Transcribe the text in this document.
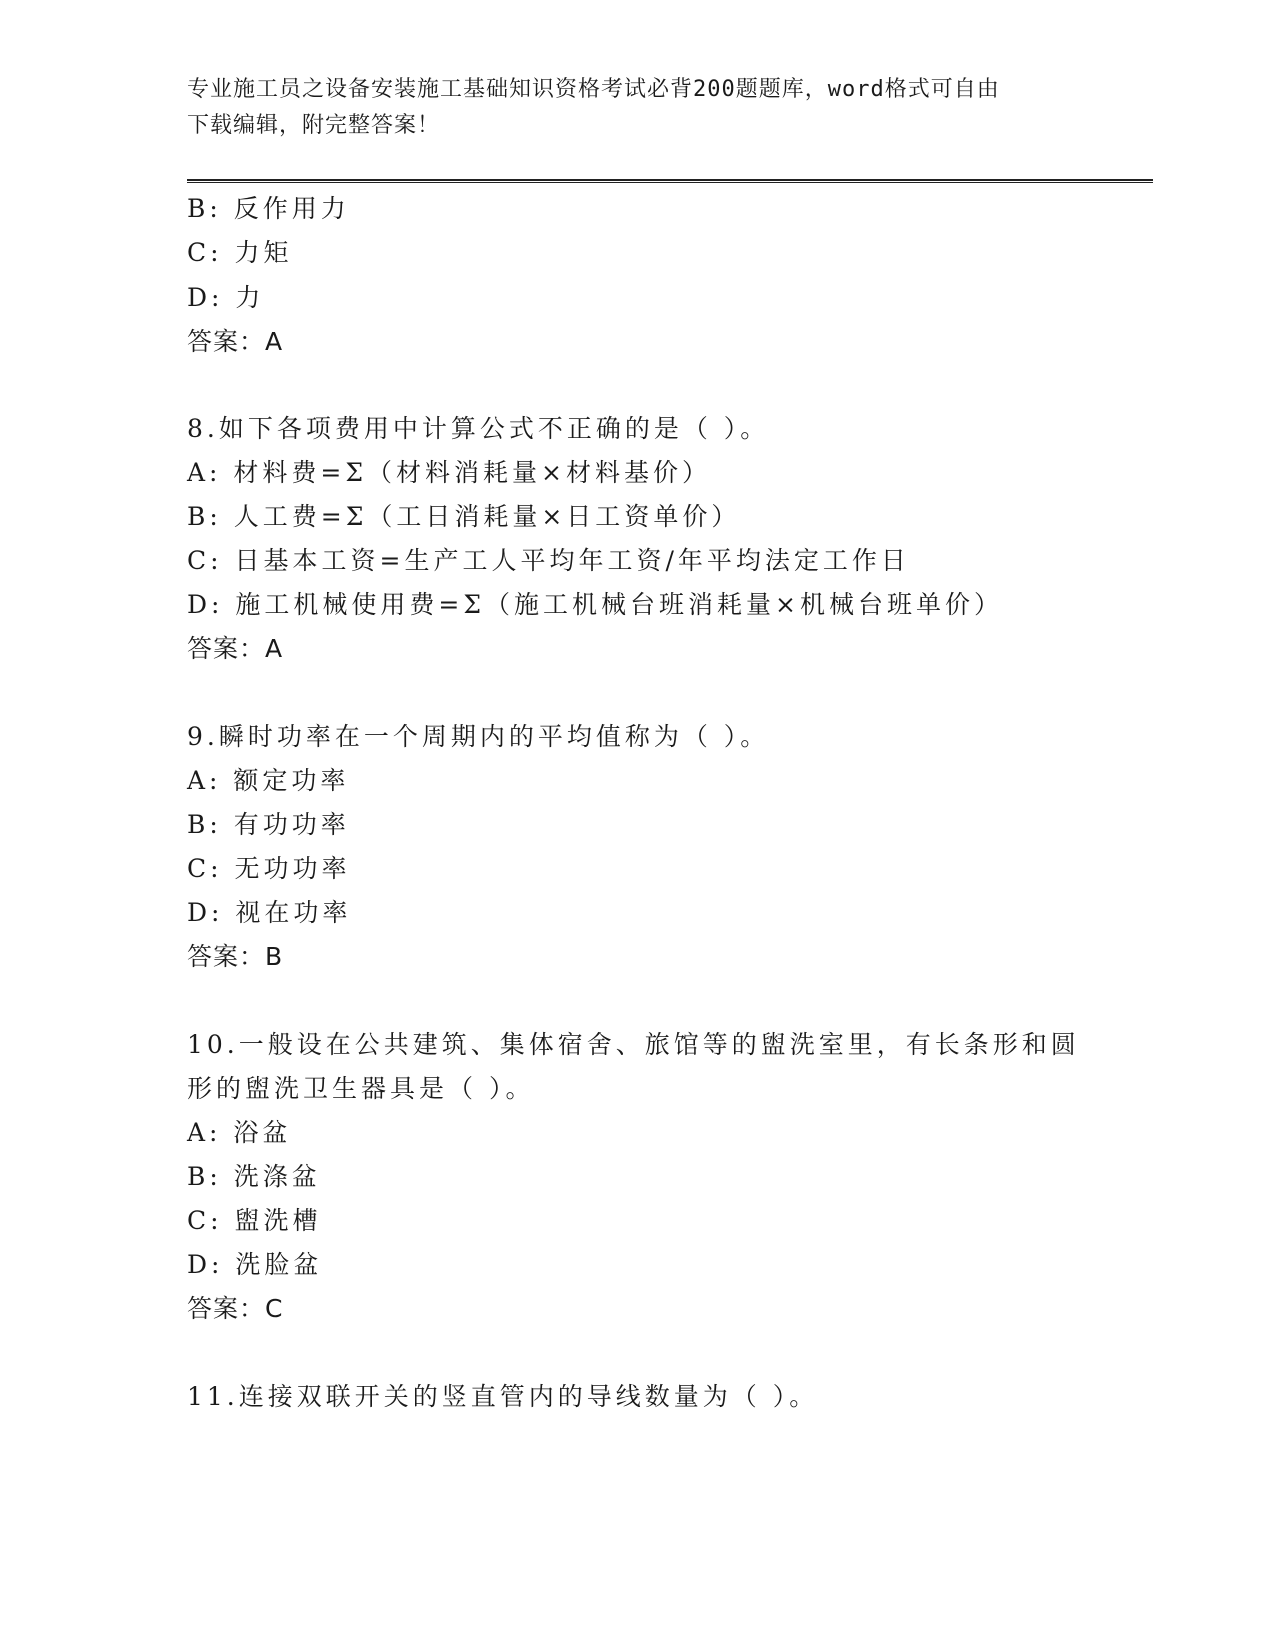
专业施工员之设备安装施工基础知识资格考试必背200题题库，word格式可自由
下载编辑，附完整答案！
B: 反作用力
C: 力矩
D: 力
答案：A
8.如下各项费用中计算公式不正确的是（ ）。
A: 材料费=Σ（材料消耗量×材料基价）
B: 人工费=Σ（工日消耗量×日工资单价）
C: 日基本工资=生产工人平均年工资/年平均法定工作日
D: 施工机械使用费=Σ（施工机械台班消耗量×机械台班单价）
答案：A
9.瞬时功率在一个周期内的平均值称为（ ）。
A: 额定功率
B: 有功功率
C: 无功功率
D: 视在功率
答案：B
10.一般设在公共建筑、集体宿舍、旅馆等的盥洗室里，有长条形和圆
形的盥洗卫生器具是（ ）。
A: 浴盆
B: 洗涤盆
C: 盥洗槽
D: 洗脸盆
答案：C
11.连接双联开关的竖直管内的导线数量为（ ）。
